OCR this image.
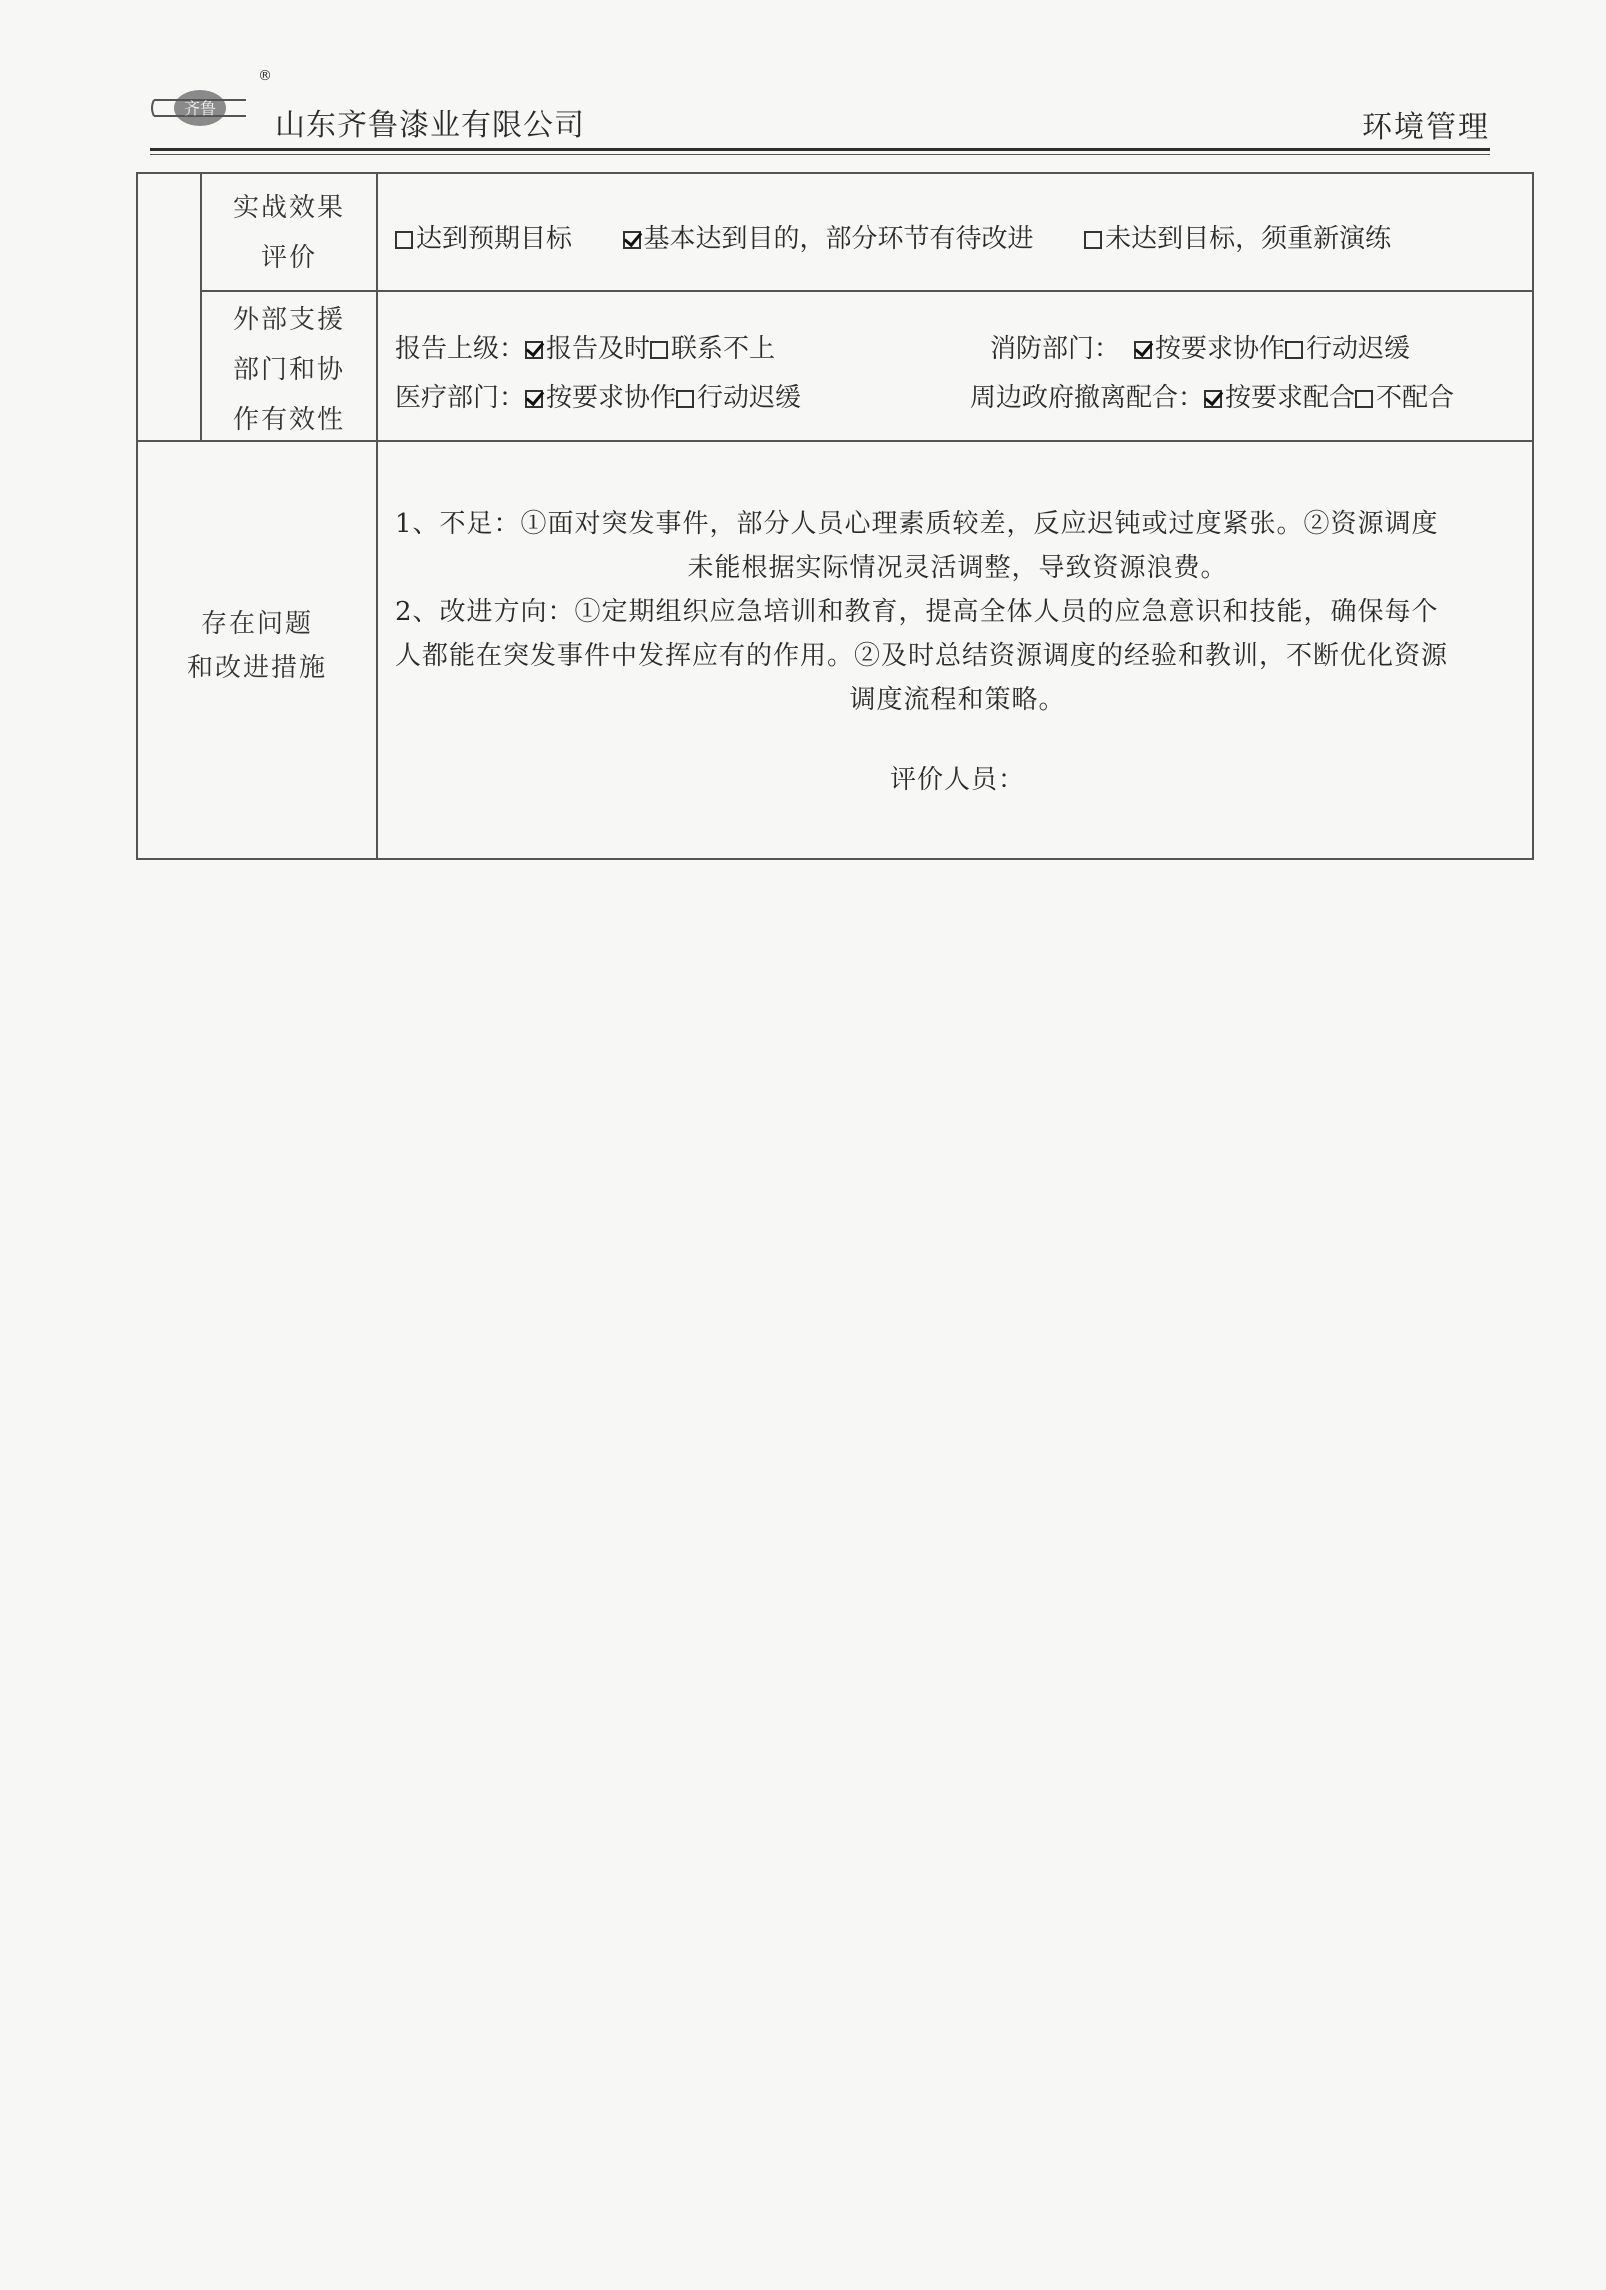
齐鲁
®
山东齐鲁漆业有限公司	环境管理
实战效果
评价
达到预期目标	基本达到目的，部分环节有待改进	未达到目标，须重新演练
外部支援
部门和协
作有效性
报告上级： 报告及时 联系不上	消防部门： 按要求协作 行动迟缓
医疗部门： 按要求协作 行动迟缓	周边政府撤离配合： 按要求配合 不配合
存在问题
和改进措施
1、不足：①面对突发事件，部分人员心理素质较差，反应迟钝或过度紧张。②资源调度
未能根据实际情况灵活调整，导致资源浪费。
2、改进方向：①定期组织应急培训和教育，提高全体人员的应急意识和技能，确保每个
人都能在突发事件中发挥应有的作用。②及时总结资源调度的经验和教训，不断优化资源
调度流程和策略。
评价人员：
